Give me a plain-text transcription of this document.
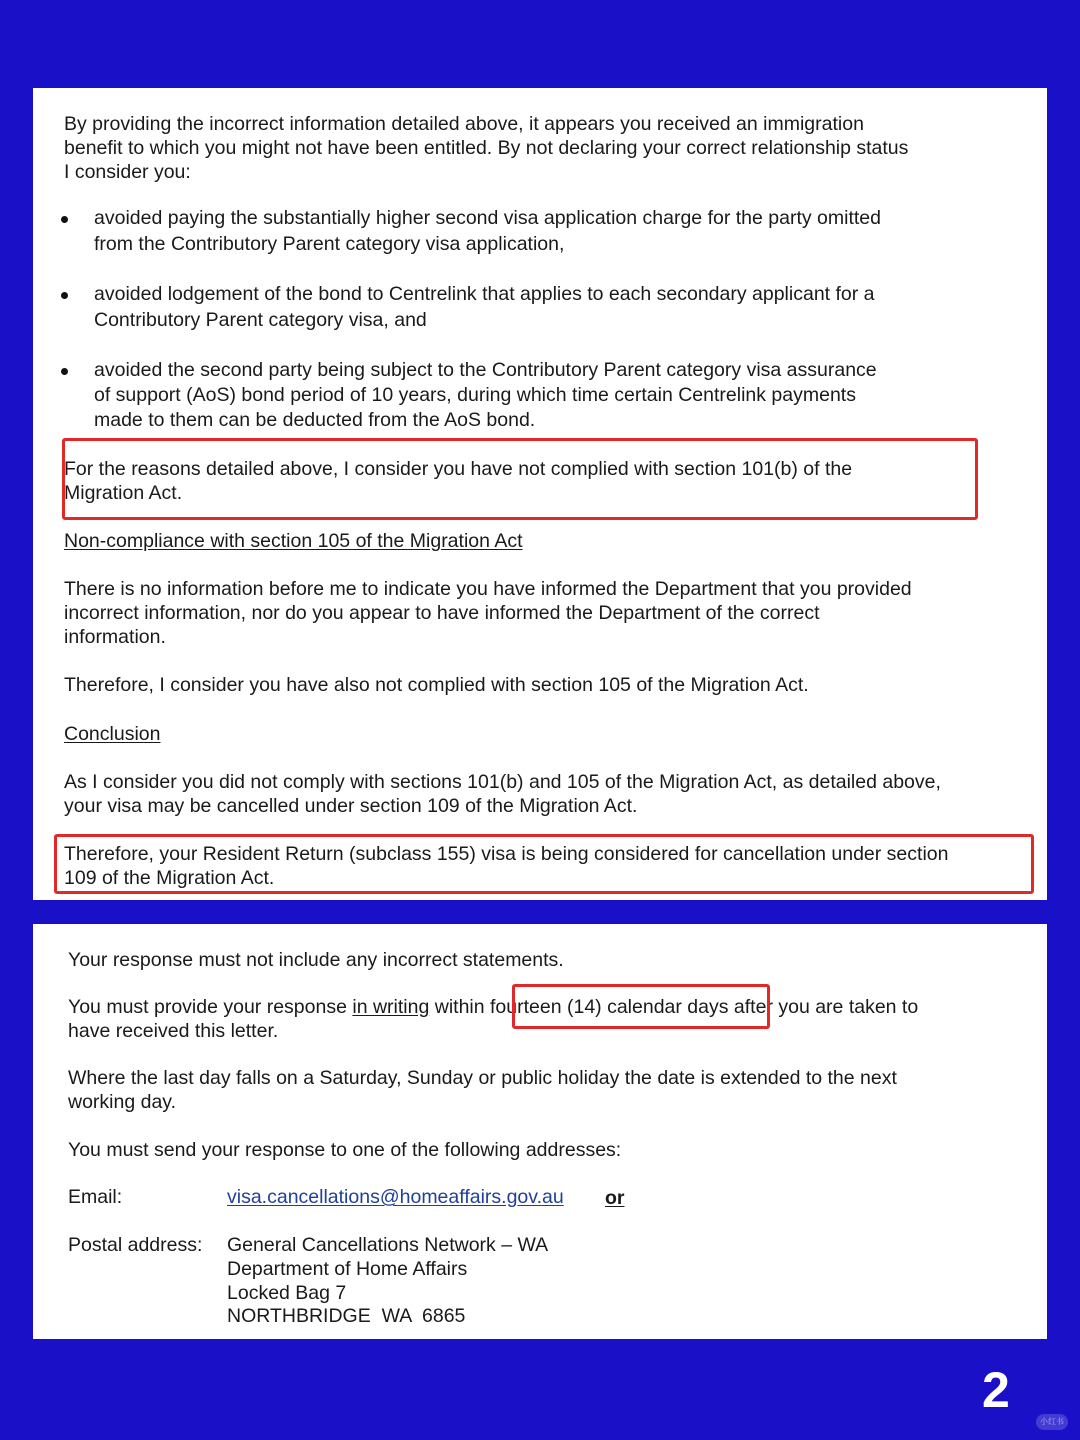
By providing the incorrect information detailed above, it appears you received an immigration

benefit to which you might not have been entitled. By not declaring your correct relationship status

I consider you:

avoided paying the substantially higher second visa application charge for the party omitted

from the Contributory Parent category visa application,

avoided lodgement of the bond to Centrelink that applies to each secondary applicant for a

Contributory Parent category visa, and

avoided the second party being subject to the Contributory Parent category visa assurance

of support (AoS) bond period of 10 years, during which time certain Centrelink payments

made to them can be deducted from the AoS bond.

For the reasons detailed above, I consider you have not complied with section 101(b) of the

Migration Act.

Non-compliance with section 105 of the Migration Act

There is no information before me to indicate you have informed the Department that you provided

incorrect information, nor do you appear to have informed the Department of the correct

information.

Therefore, I consider you have also not complied with section 105 of the Migration Act.

Conclusion

As I consider you did not comply with sections 101(b) and 105 of the Migration Act, as detailed above,

your visa may be cancelled under section 109 of the Migration Act.

Therefore, your Resident Return (subclass 155) visa is being considered for cancellation under section

109 of the Migration Act.

Your response must not include any incorrect statements.

You must provide your response in writing within fourteen (14) calendar days after you are taken to

have received this letter.

Where the last day falls on a Saturday, Sunday or public holiday the date is extended to the next

working day.

You must send your response to one of the following addresses:

Email:	visa.cancellations@homeaffairs.gov.au or

Postal address: General Cancellations Network – WA

Department of Home Affairs

Locked Bag 7

NORTHBRIDGE  WA  6865

2
小红书
